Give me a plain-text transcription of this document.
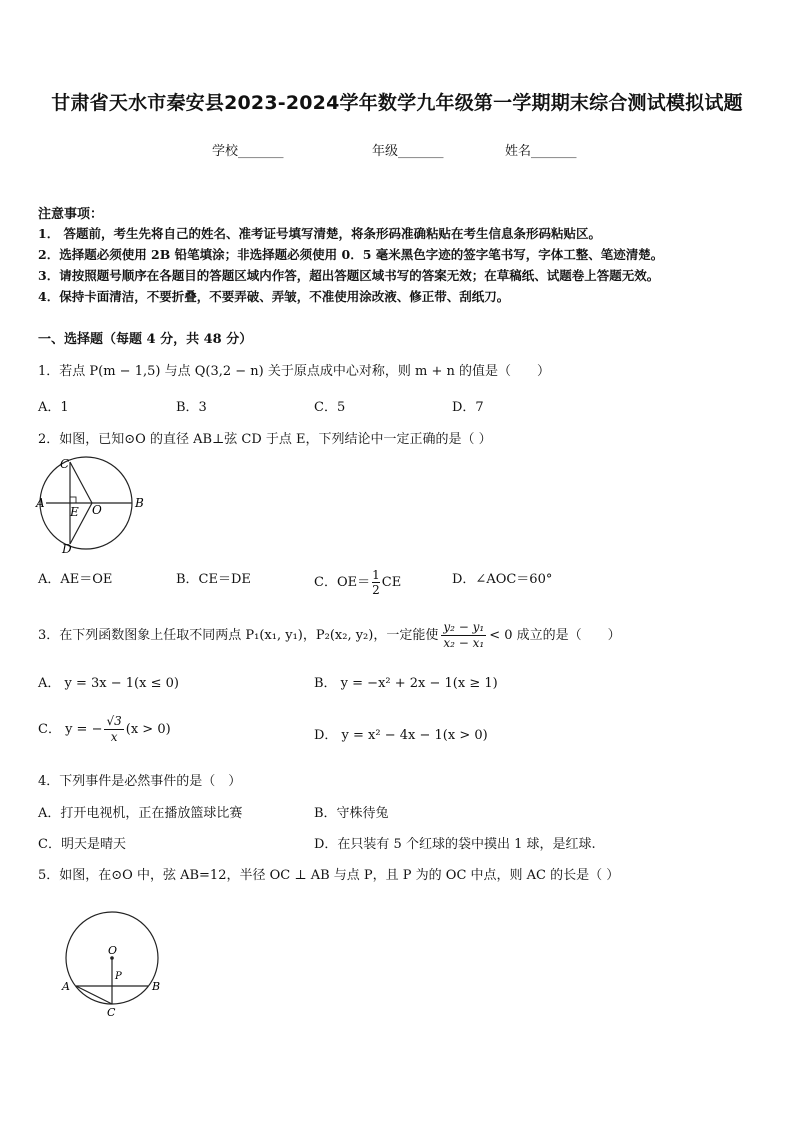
甘肃省天水市秦安县2023-2024学年数学九年级第一学期期末综合测试模拟试题
学校_______	年级_______	姓名_______
注意事项：
1． 答题前，考生先将自己的姓名、准考证号填写清楚，将条形码准确粘贴在考生信息条形码粘贴区。
2．选择题必须使用 2B 铅笔填涂；非选择题必须使用 0．5 毫米黑色字迹的签字笔书写，字体工整、笔迹清楚。
3．请按照题号顺序在各题目的答题区域内作答，超出答题区域书写的答案无效；在草稿纸、试题卷上答题无效。
4．保持卡面清洁，不要折叠，不要弄破、弄皱，不准使用涂改液、修正带、刮纸刀。
一、选择题（每题 4 分，共 48 分）
1．若点 P(m − 1,5) 与点 Q(3,2 − n) 关于原点成中心对称，则 m + n 的值是（　　）
A．1	B．3	C．5	D．7
2．如图，已知⊙O 的直径 AB⊥弦 CD 于点 E，下列结论中一定正确的是（ ）
C
A
E O	B
D
A．AE＝OE	B．CE＝DE	C．$OE= \frac{1}{2}$ CE	D．∠AOC＝60°
3．在下列函数图象上任取不同两点 P₁(x₁, y₁)，P₂(x₂, y₂)，一定能使 $\frac{\text{y₂ − y₁}}{\text{x₂ − x₁}} < 0$ 成立的是（　　）
A． y = 3x − 1(x ≤ 0)	B． y = −x² + 2x − 1(x ≥ 1)
C． y = − $\frac{√3}{x} (x > 0)$	D． y = x² − 4x − 1(x > 0)
4．下列事件是必然事件的是（　）
A．打开电视机，正在播放篮球比赛	B．守株待兔
C．明天是晴天	D．在只装有 5 个红球的袋中摸出 1 球，是红球.
5．如图，在⊙O 中，弦 AB=12，半径 OC ⊥ AB 与点 P，且 P 为的 OC 中点，则 AC 的长是（ ）
O
P
A	B
C
